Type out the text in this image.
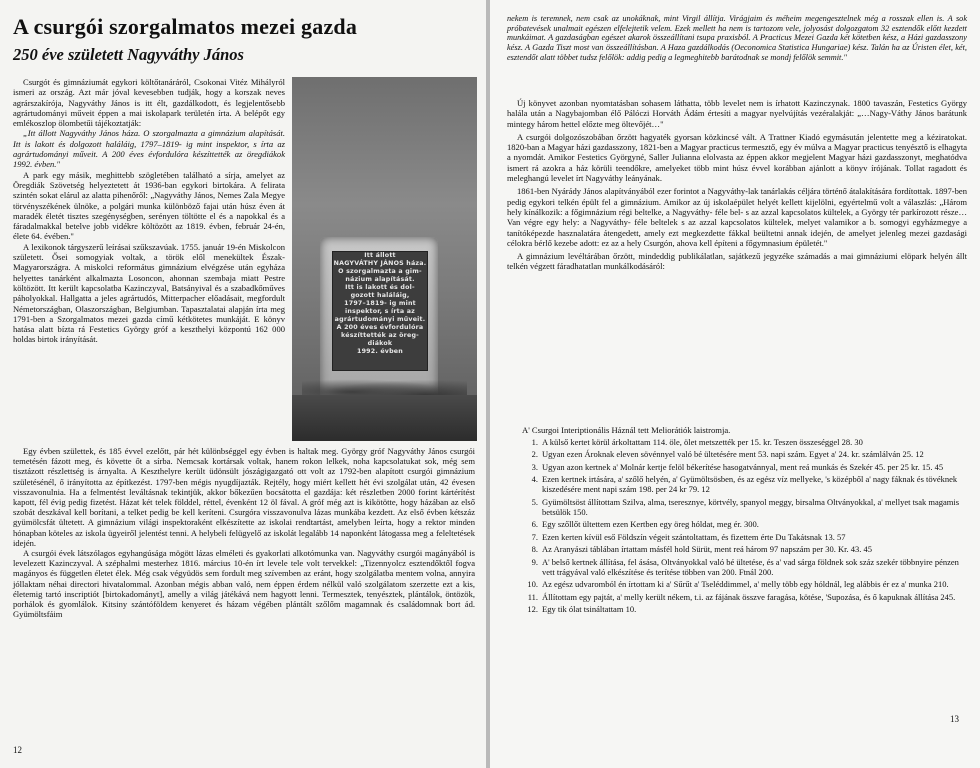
A csurgói szorgalmatos mezei gazda
250 éve született Nagyváthy János

Csurgót és gimnáziumát egykori költőtanáráról, Csokonai Vitéz Mihályról ismeri az ország. Azt már jóval kevesebben tudják, hogy a korszak neves agrárszakírója, Nagyváthy János is itt élt, gazdálkodott, és legjelentősebb agrártudományi műveit éppen a mai iskolapark területén írta. A belépőt egy emlékoszlop ölombetűi tájékoztatják:

„Itt állott Nagyváthy János háza. O szorgalmazta a gimnázium alapítását. Itt is lakott és dolgozott haláláig, 1797–1819- ig mint inspektor, s írta az agrártudományi műveit. A 200 éves évfordulóra készíttették az öregdiákok 1992. évben."

A park egy másik, meghittebb szögletében található a sírja, amelyet az Öregdiák Szövetség helyeztetett át 1936-ban egykori birtokára. A felirata szintén sokat elárul az alatta pihenőről: „Nagyváthy János, Nemes Zala Megye törvényszékének ülnöke, a polgári munka különböző fajai után húsz éven át maradék életét tisztes szegénységben, serényen töltötte el és a napokkal és a fáradalmakkal betelve jobb vidékre költözött az 1819. évben, február 24-én, élete 64. évében."

A lexikonok tárgyszerű leírásai szűkszavúak. 1755. január 19-én Miskolcon született. Ősei somogyiak voltak, a török elől menekültek Észak-Magyarországra. A miskolci református gimnázium elvégzése után egyházа helyettes tanárként alkalmazta Losoncon, ahonnan szembaja miatt Pestre költözött. Itt került kapcsolatba Kazinczyval, Batsányival és a szabadkőműves páholyokkal. Hallgatta a jeles agrártudós, Mitterpacher előadásait, megfordult Németországban, Olaszországban, Belgiumban. Tapasztalatai alapján írta meg 1791-ben a Szorgalmatos mezei gazda című kétkötetes munkáját. E könyv hatása alatt bízta rá Festetics György gróf a keszthelyi központú 162 000 holdas birtok irányítását.

Itt állott
NAGYVÁTHY JÁNOS háza.
O szorgalmazta a gim-
názium alapítását.
Itt is lakott és dol-
gozott haláláig,
1797–1819- ig mint
inspektor, s írta az
agrártudományi műveit.
A 200 éves évfordulóra
készíttették az öreg-
diákok
1992. évben

Egy évben születtek, és 185 évvel ezelőtt, pár hét különbséggel egy évben is haltak meg. György gróf Nagyváthy János csurgói temetésén fázott meg, és követte őt a sírba. Nemcsak kortársak voltak, hanem rokon lelkek, noha kapcsolatukat sok, még sem tisztázott részlettség is árnyalta. A Keszthelyre került üdönsült jószágigazgató ott volt az 1792-ben alapított csurgói gimnázium születésénél, ő irányította az építkezést. 1797-ben mégis nyugdíjazták. Rejtély, hogy miért kellett hét évi szolgálat után, 42 évesen visszavonulnia. Ha a felmentést leváltásnak tekintjük, akkor bőkezűen bocsátotta el gazdája: két részletben 2000 forint kártérítést kapott, fél évig pedig fizetést. Házat két telek földdel, réttel, évenként 12 öl fával. A gróf még azt is kikötötte, hogy házában az első szobát deszkával kell borítani, a telket pedig be kell keríteni. Csurgóra visszavonulva lázas munkába kezdett. Az első évben kétszáz gyümölcsfát ültetett. A gimnázium világi inspektoraként elkészítette az iskolai rendtartást, amelyben leírta, hogy a rektor minden hónapban köteles az iskola ügyeiről jelentést tenni. A helybeli felügyelő az iskolát legalább 14 naponként látogassa meg a feleltetések idején.

A csurgói évek látszólagos egyhangúsága mögött lázas elméleti és gyakorlati alkotómunka van. Nagyváthy csurgói magányából is levelezett Kazinczyval. A széphalmi mesterhez 1816. március 10-én írt levele tele volt tervekkel: „Tizennyolcz esztendőktől fogva magányos és független életet élek. Még csak végyüdös sem fordult meg szívemben az eránt, hogy szolgálatba mentem volna, annyira jóllaktam néhai directori hivatalommal. Azonban mégis abban való, nem éppen érdem nélkül való szolgálatom szerzette ezt a kis, életemig tartó inscriptiót [birtokadományt], amelly a világ játékává nem hagyott lenni. Termesztek, tenyésztek, plántálok, öntözök, porhálok és gyomlálok. Kitsiny szántóföldem kenyeret és házam végében plántált szőlőm magamnak és családomnak bort ád. Gyümöltsfáim

12
13

nekem is teremnek, nem csak az unokáknak, mint Virgil állítja. Virágjaim és méheim megengesztelnek még a rosszak ellen is. A sok próbatevések unalmait egészen elfelejtetik velem. Ezek mellett ha nem is tartozom vele, jolyosást dolgozgatom 32 esztendők előtt kezdett munkáimat. A gazdaságban egészet akarok összeállítani tsupa praxisból. A Practicus Mezei Gazda két kötetben kész, a Házi gazdasszony kész. A Gazda Tiszt most van összeállításban. A Haza gazdálkodás (Oeconomica Statistica Hungariae) kész. Talán ha az Úristen élet, két, esztendőt alatt többet tudsz felőlök: addig pedig a legmeghitebb barátodnak se mondj felőlök semmit."

Új könyvet azonban nyomtatásban sohasem láthatta, több levelet nem is írhatott Kazinczynak. 1800 tavaszán, Festetics György halála után a Nagybajomban élő Pálóczi Horváth Ádám értesíti a magyar nyelvújítás vezéralakját: „…Nagy-Váthy János barátunk mintegy három hettel előzte meg öltevőjét…"

A csurgói dolgozószobában őrzött hagyaték gyorsan közkincsé vált. A Trattner Kiadó egymásután jelentette meg a kéziratokat. 1820-ban a Magyar házi gazdasszony, 1821-ben a Magyar practicus termesztő, egy év múlva a Magyar practicus tenyésztő is elhagyta a nyomdát. Amikor Festetics Györgyné, Saller Julianna elolvasta az éppen akkor megjelent Magyar házi gazdasszonyt, meghatódva ismert rá azokra a ház körüli teendőkre, amelyeket több mint húsz évvel korábban ajánlott a könyv írójának. Tollat ragadott és meleghangú levelet írt Nagyváthy leányának.

1861-ben Nyárády János alapítványából ezer forintot a Nagyváthy-lak tanárlakás céljára történő átalakítására fordítottak. 1897-ben pedig egykori telkén épült fel a gimnázium. Amikor az új iskolaépület helyét kellett kijelölni, egyértelmű volt a válaszlás: „Három hely kínálkozik: a főgimnázium régi beltelke, a Nagyváthy- féle bel- s az azzal kapcsolatos kültelek, a György tér parkírozott része… Van végre egy hely: a Nagyváthy- féle beltelek s az azzal kapcsolatos kültelek, melyet valamikor a b. somogyi egyházmegye a tanítóképezde hasznalatára átengedett, amely ezt megkezdette fákkal beültetni annak idején, de amelyet jelenleg mezei gazdasági célokra bérlő kezebe adott: ez az a hely Csurgón, ahova kell építeni a főgymnasium épületét."

A gimnázium levéltárában őrzött, mindeddig publikálatlan, sajátkezű jegyzéke számadás a mai gimnáziumi elöpark helyén állt telkén végzett fáradhatatlan munkálkodásáról:

A' Csurgoi Interiptionális Háznál tett Meliorátiók laistromja.
1. A külső kertet körül árkoltattam 114. öle, ölet metszették per 15. kr. Teszen összeséggel 28. 30
2. Ugyan ezen Ároknak eleven sövénnyel való bé ültetésére ment 53. napi szám. Egyet a' 24. kr. számlálván 25. 12
3. Ugyan azon kertnek a' Molnár kertje felöl békerítése hasogatvánnyal, ment reá munkás és Szekér 45. per 25 kr. 15. 45
4. Ezen kertnek irtására, a' szőlő helyén, a' Gyümöltsösben, és az egész víz mellyeke, 's középből a' nagy fáknak és tövéknek kiszedésére ment napi szám 198. per 24 kr 79. 12
5. Gyümöltsöst állítottam Szilva, alma, tseresznye, körtvély, spanyol meggy, birsalma Oltványokkal, a' mellyet tsak magamis betsülök 150.
6. Egy szőllőt ültettem ezen Kertben egy öreg hóldat, meg ér. 300.
7. Ezen kerten kívül eső Földszín végeit szántoltattam, és fizettem érte Du Takátsnak 13. 57
8. Az Aranyászi táblában írtattam másfél hold Sürüt, ment reá három 97 napszám per 30. Kr. 43. 45
9. A' belső kertnek állítása, fel ásása, Oltványokkal való bé ültetése, és a' vad sárga földnek sok száz szekér többnyire pénzen vett trágyával való elkészítése és terítése többen van 200. Ftnál 200.
10. Az egész udvaromból én írtottam ki a' Sűrűt a' Tseléddimmel, a' melly több egy hóldnál, leg alábbis ér ez a' munka 210.
11. Állítottam egy pajtát, a' melly került nékem, t.i. az fájának összve faragása, kötése, 'Supozása, és ő kapuknak állítása 245.
12. Egy tik ólat tsináltattam 10.
